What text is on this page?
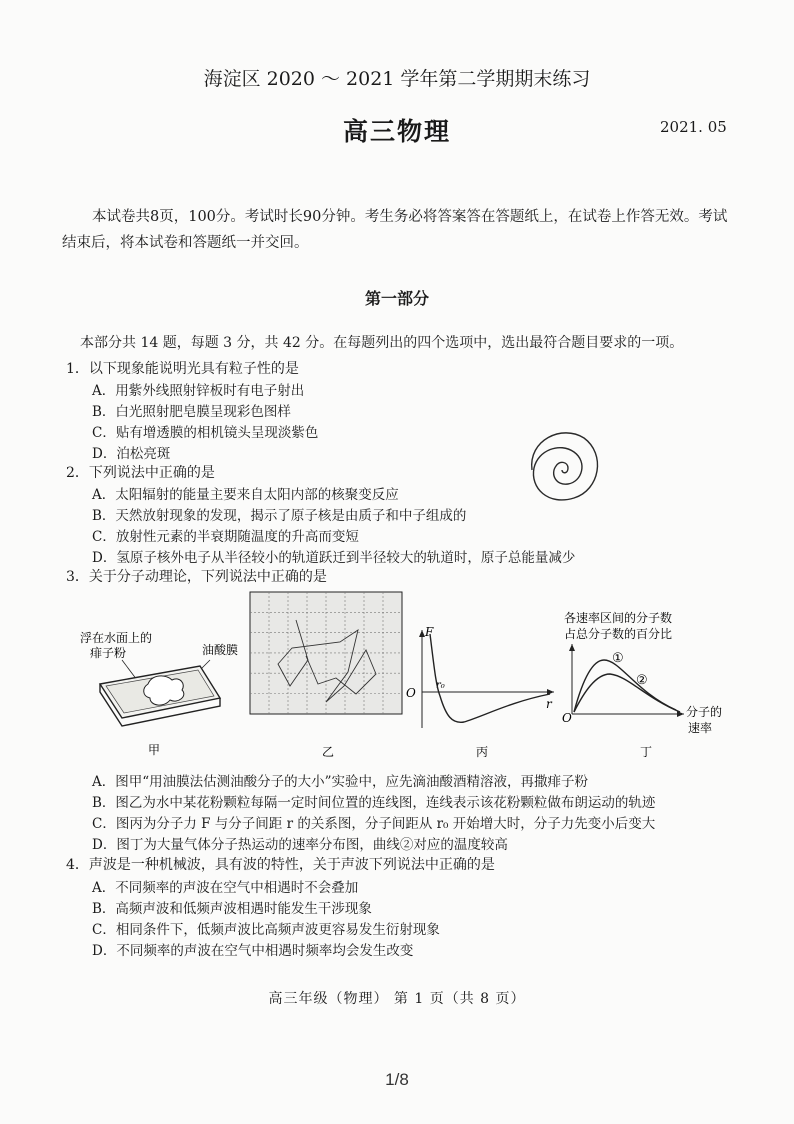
海淀区 2020 ～ 2021 学年第二学期期末练习
高三物理	2021. 05
本试卷共8页，100分。考试时长90分钟。考生务必将答案答在答题纸上，在试卷上作答无效。考试结束后，将本试卷和答题纸一并交回。
第一部分
本部分共 14 题，每题 3 分，共 42 分。在每题列出的四个选项中，选出最符合题目要求的一项。
1．以下现象能说明光具有粒子性的是
A．用紫外线照射锌板时有电子射出
B．白光照射肥皂膜呈现彩色图样
C．贴有增透膜的相机镜头呈现淡紫色
D．泊松亮斑
2．下列说法中正确的是
A．太阳辐射的能量主要来自太阳内部的核聚变反应
B．天然放射现象的发现，揭示了原子核是由质子和中子组成的
C．放射性元素的半衰期随温度的升高而变短
D．氢原子核外电子从半径较小的轨道跃迁到半径较大的轨道时，原子总能量减少
3．关于分子动理论，下列说法中正确的是
浮在水面上的
痱子粉	油酸膜
甲	乙
F
r
O
r₀
丙
各速率区间的分子数
占总分子数的百分比
O
①
②
分子的
速率
丁
A．图甲“用油膜法估测油酸分子的大小”实验中，应先滴油酸酒精溶液，再撒痱子粉
B．图乙为水中某花粉颗粒每隔一定时间位置的连线图，连线表示该花粉颗粒做布朗运动的轨迹
C．图丙为分子力 F 与分子间距 r 的关系图，分子间距从 r₀ 开始增大时，分子力先变小后变大
D．图丁为大量气体分子热运动的速率分布图，曲线②对应的温度较高
4．声波是一种机械波，具有波的特性，关于声波下列说法中正确的是
A．不同频率的声波在空气中相遇时不会叠加
B．高频声波和低频声波相遇时能发生干涉现象
C．相同条件下，低频声波比高频声波更容易发生衍射现象
D．不同频率的声波在空气中相遇时频率均会发生改变
高三年级（物理） 第 1 页（共 8 页）
1/8
